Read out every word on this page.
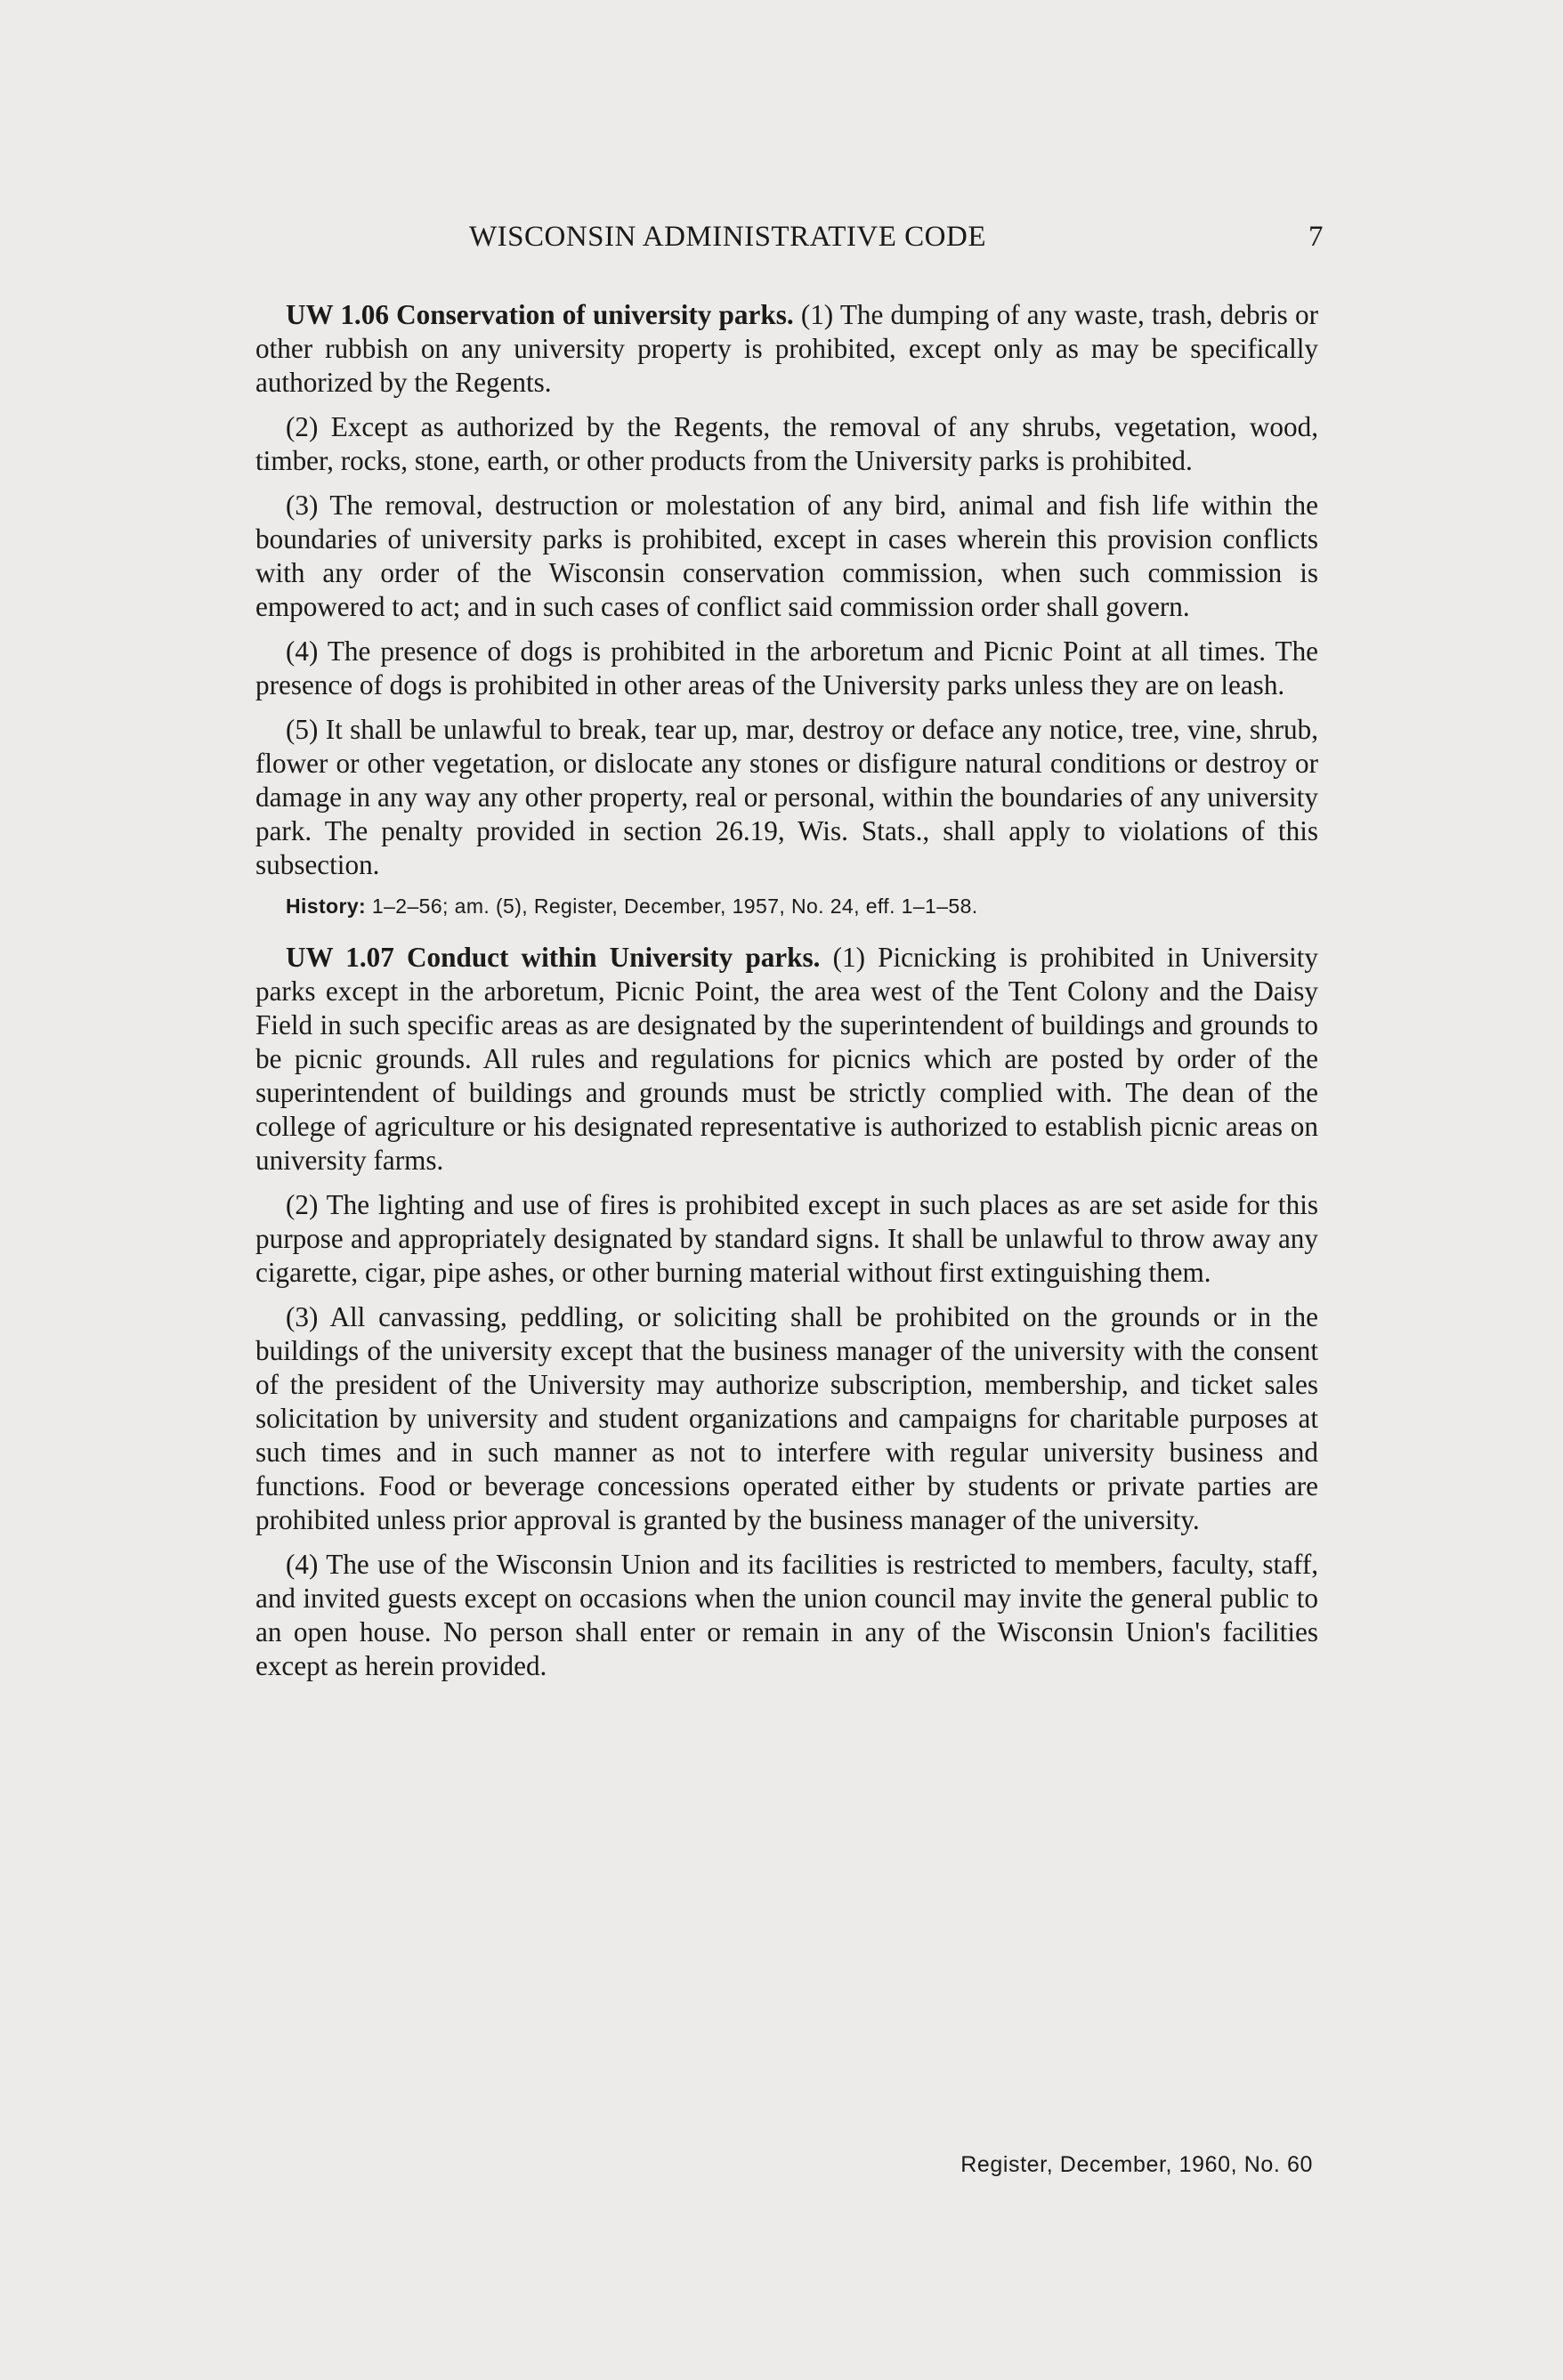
WISCONSIN ADMINISTRATIVE CODE	7

UW 1.06 Conservation of university parks. (1) The dumping of any waste, trash, debris or other rubbish on any university property is prohibited, except only as may be specifically authorized by the Regents.

(2) Except as authorized by the Regents, the removal of any shrubs, vegetation, wood, timber, rocks, stone, earth, or other products from the University parks is prohibited.

(3) The removal, destruction or molestation of any bird, animal and fish life within the boundaries of university parks is prohibited, except in cases wherein this provision conflicts with any order of the Wisconsin conservation commission, when such commission is empowered to act; and in such cases of conflict said commission order shall govern.

(4) The presence of dogs is prohibited in the arboretum and Picnic Point at all times. The presence of dogs is prohibited in other areas of the University parks unless they are on leash.

(5) It shall be unlawful to break, tear up, mar, destroy or deface any notice, tree, vine, shrub, flower or other vegetation, or dislocate any stones or disfigure natural conditions or destroy or damage in any way any other property, real or personal, within the boundaries of any university park. The penalty provided in section 26.19, Wis. Stats., shall apply to violations of this subsection.

History: 1–2–56; am. (5), Register, December, 1957, No. 24, eff. 1–1–58.

UW 1.07 Conduct within University parks. (1) Picnicking is prohibited in University parks except in the arboretum, Picnic Point, the area west of the Tent Colony and the Daisy Field in such specific areas as are designated by the superintendent of buildings and grounds to be picnic grounds. All rules and regulations for picnics which are posted by order of the superintendent of buildings and grounds must be strictly complied with. The dean of the college of agriculture or his designated representative is authorized to establish picnic areas on university farms.

(2) The lighting and use of fires is prohibited except in such places as are set aside for this purpose and appropriately designated by standard signs. It shall be unlawful to throw away any cigarette, cigar, pipe ashes, or other burning material without first extinguishing them.

(3) All canvassing, peddling, or soliciting shall be prohibited on the grounds or in the buildings of the university except that the business manager of the university with the consent of the president of the University may authorize subscription, membership, and ticket sales solicitation by university and student organizations and campaigns for charitable purposes at such times and in such manner as not to interfere with regular university business and functions. Food or beverage concessions operated either by students or private parties are prohibited unless prior approval is granted by the business manager of the university.

(4) The use of the Wisconsin Union and its facilities is restricted to members, faculty, staff, and invited guests except on occasions when the union council may invite the general public to an open house. No person shall enter or remain in any of the Wisconsin Union's facilities except as herein provided.

Register, December, 1960, No. 60
